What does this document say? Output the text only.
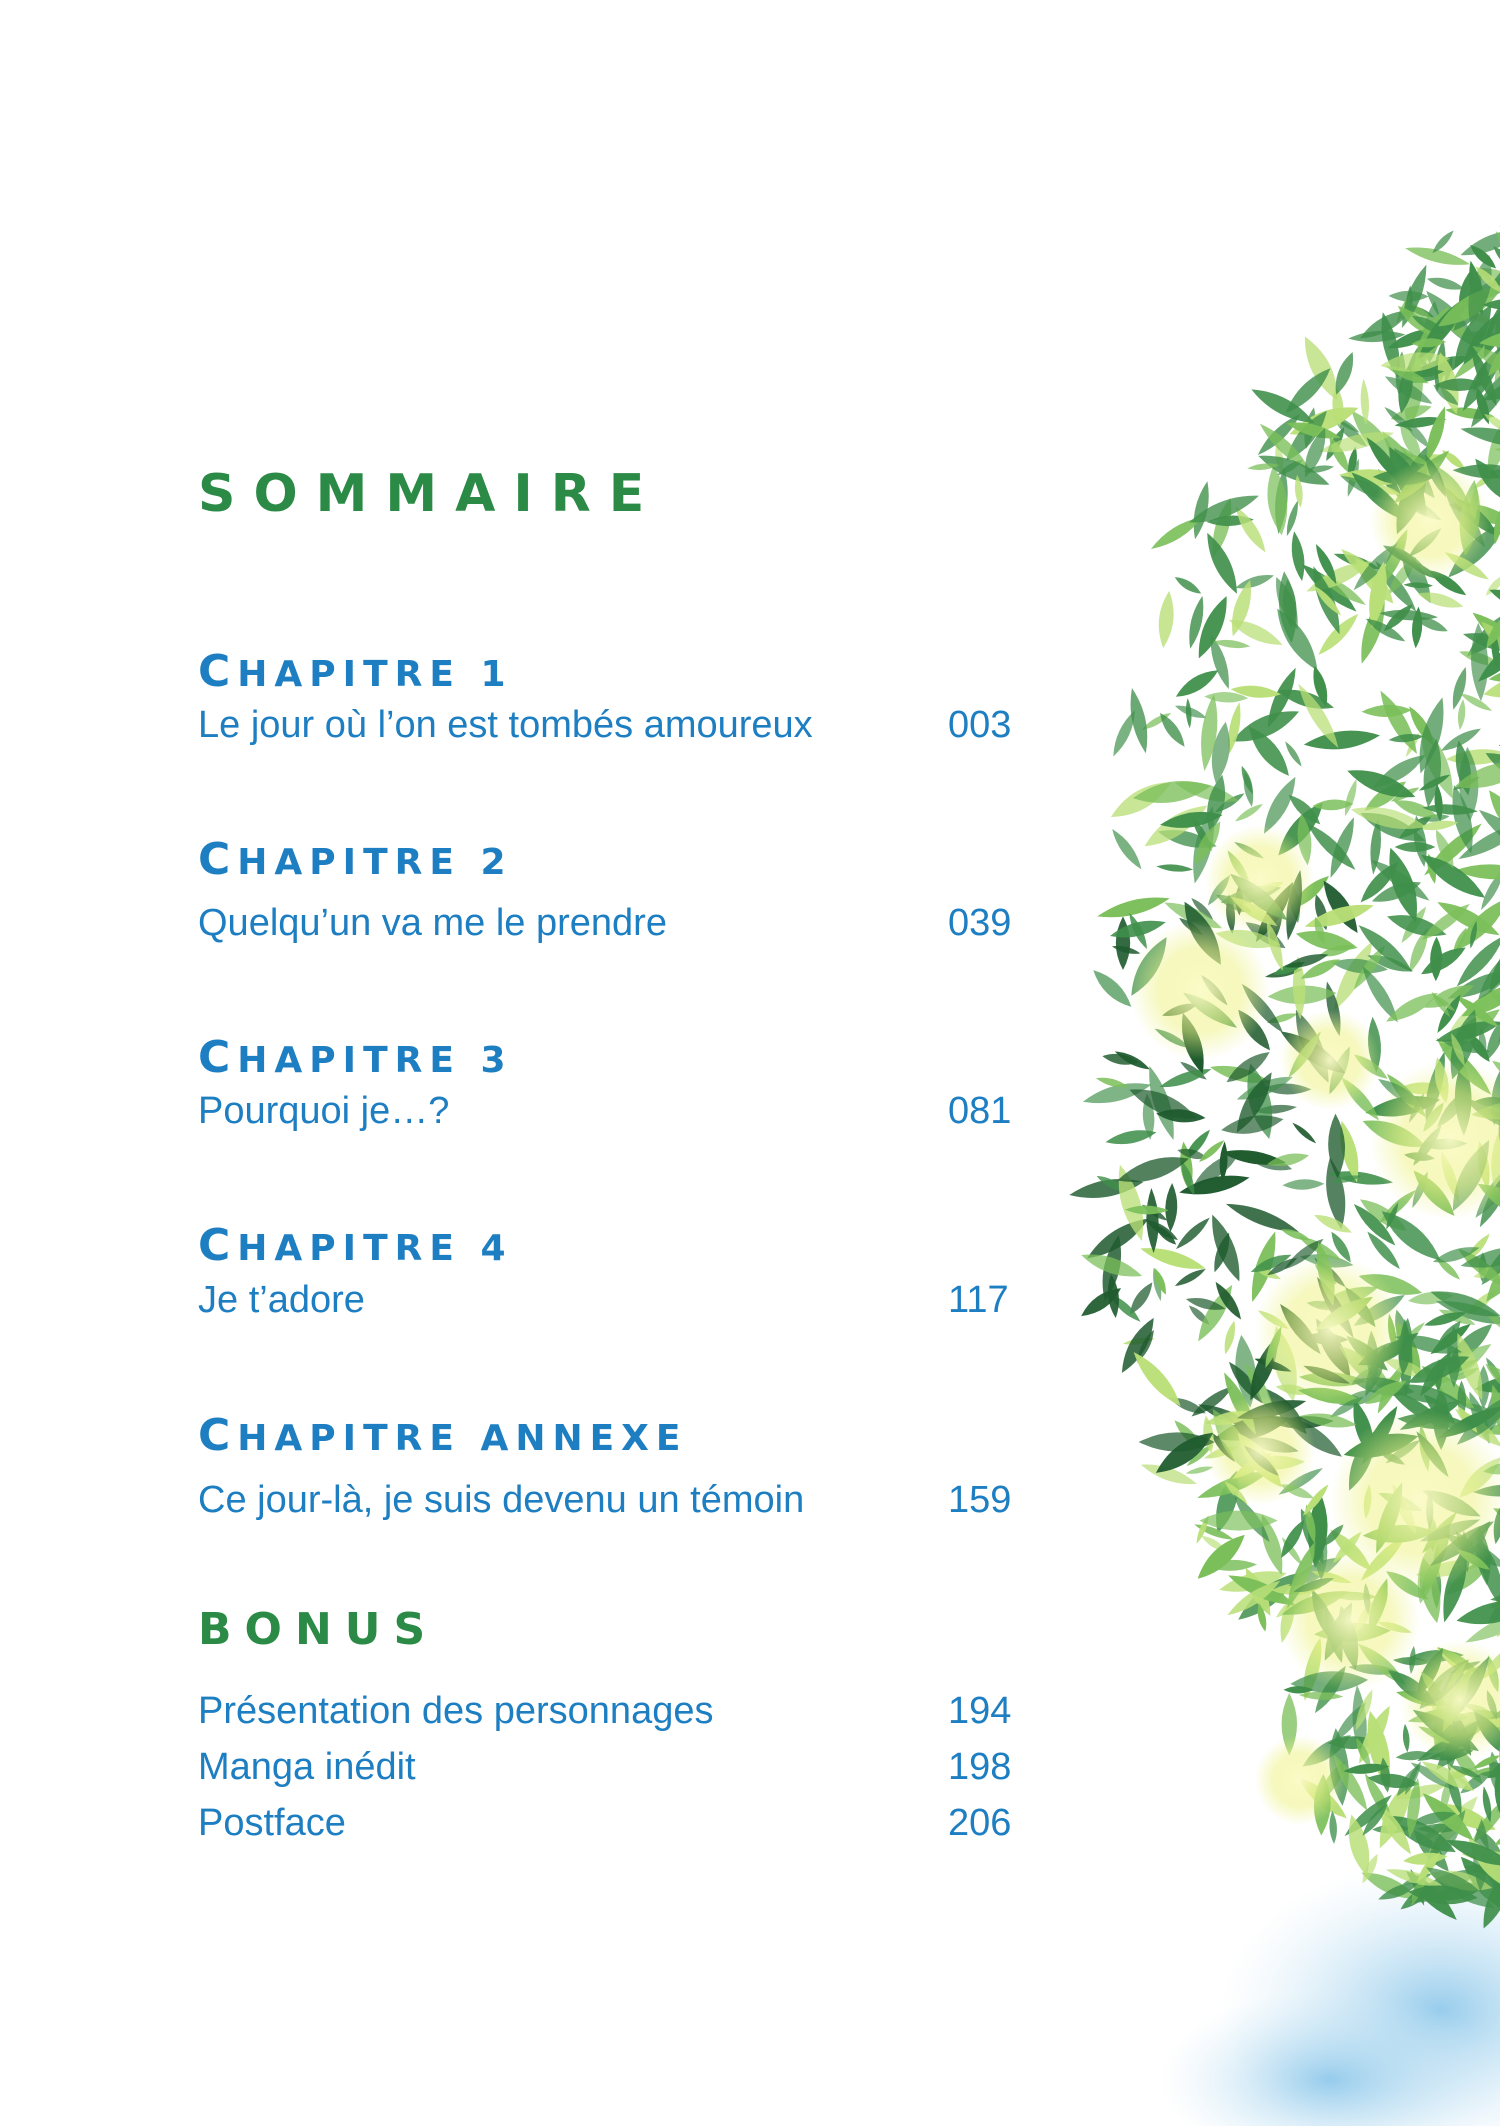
SOMMAIRE
CHAPITRE 1
Le jour où l’on est tombés amoureux	003
CHAPITRE 2
Quelqu’un va me le prendre	039
CHAPITRE 3
Pourquoi je…?	081
CHAPITRE 4
Je t’adore	117
CHAPITRE ANNEXE
Ce jour-là, je suis devenu un témoin	159
BONUS
Présentation des personnages	194
Manga inédit	198
Postface	206
